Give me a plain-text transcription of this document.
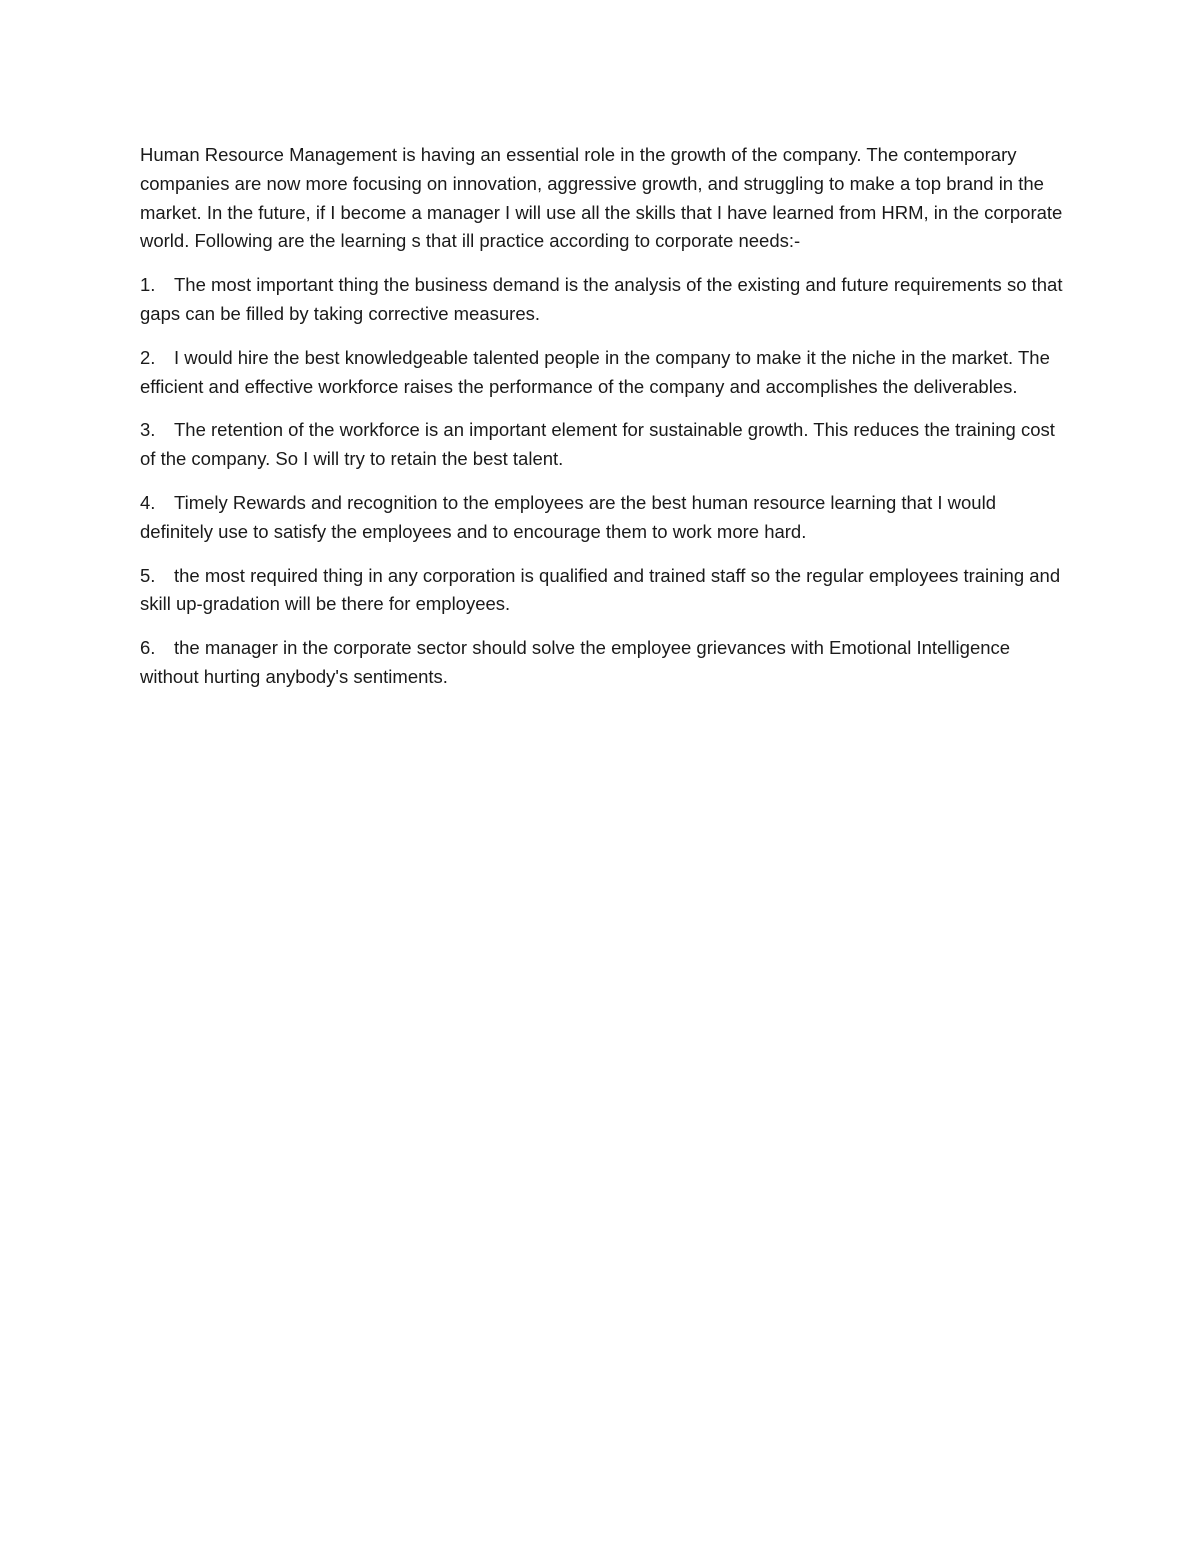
Human Resource Management is having an essential role in the growth of the company. The contemporary companies are now more focusing on innovation, aggressive growth, and struggling to make a top brand in the market. In the future, if I become a manager I will use all the skills that I have learned from HRM, in the corporate world. Following are the learning s that ill practice according to corporate needs:-

1. The most important thing the business demand is the analysis of the existing and future requirements so that gaps can be filled by taking corrective measures.

2. I would hire the best knowledgeable talented people in the company to make it the niche in the market. The efficient and effective workforce raises the performance of the company and accomplishes the deliverables.

3. The retention of the workforce is an important element for sustainable growth. This reduces the training cost of the company. So I will try to retain the best talent.

4. Timely Rewards and recognition to the employees are the best human resource learning that I would definitely use to satisfy the employees and to encourage them to work more hard.

5. the most required thing in any corporation is qualified and trained staff so the regular employees training and skill up-gradation will be there for employees.

6. the manager in the corporate sector should solve the employee grievances with Emotional Intelligence without hurting anybody's sentiments.
